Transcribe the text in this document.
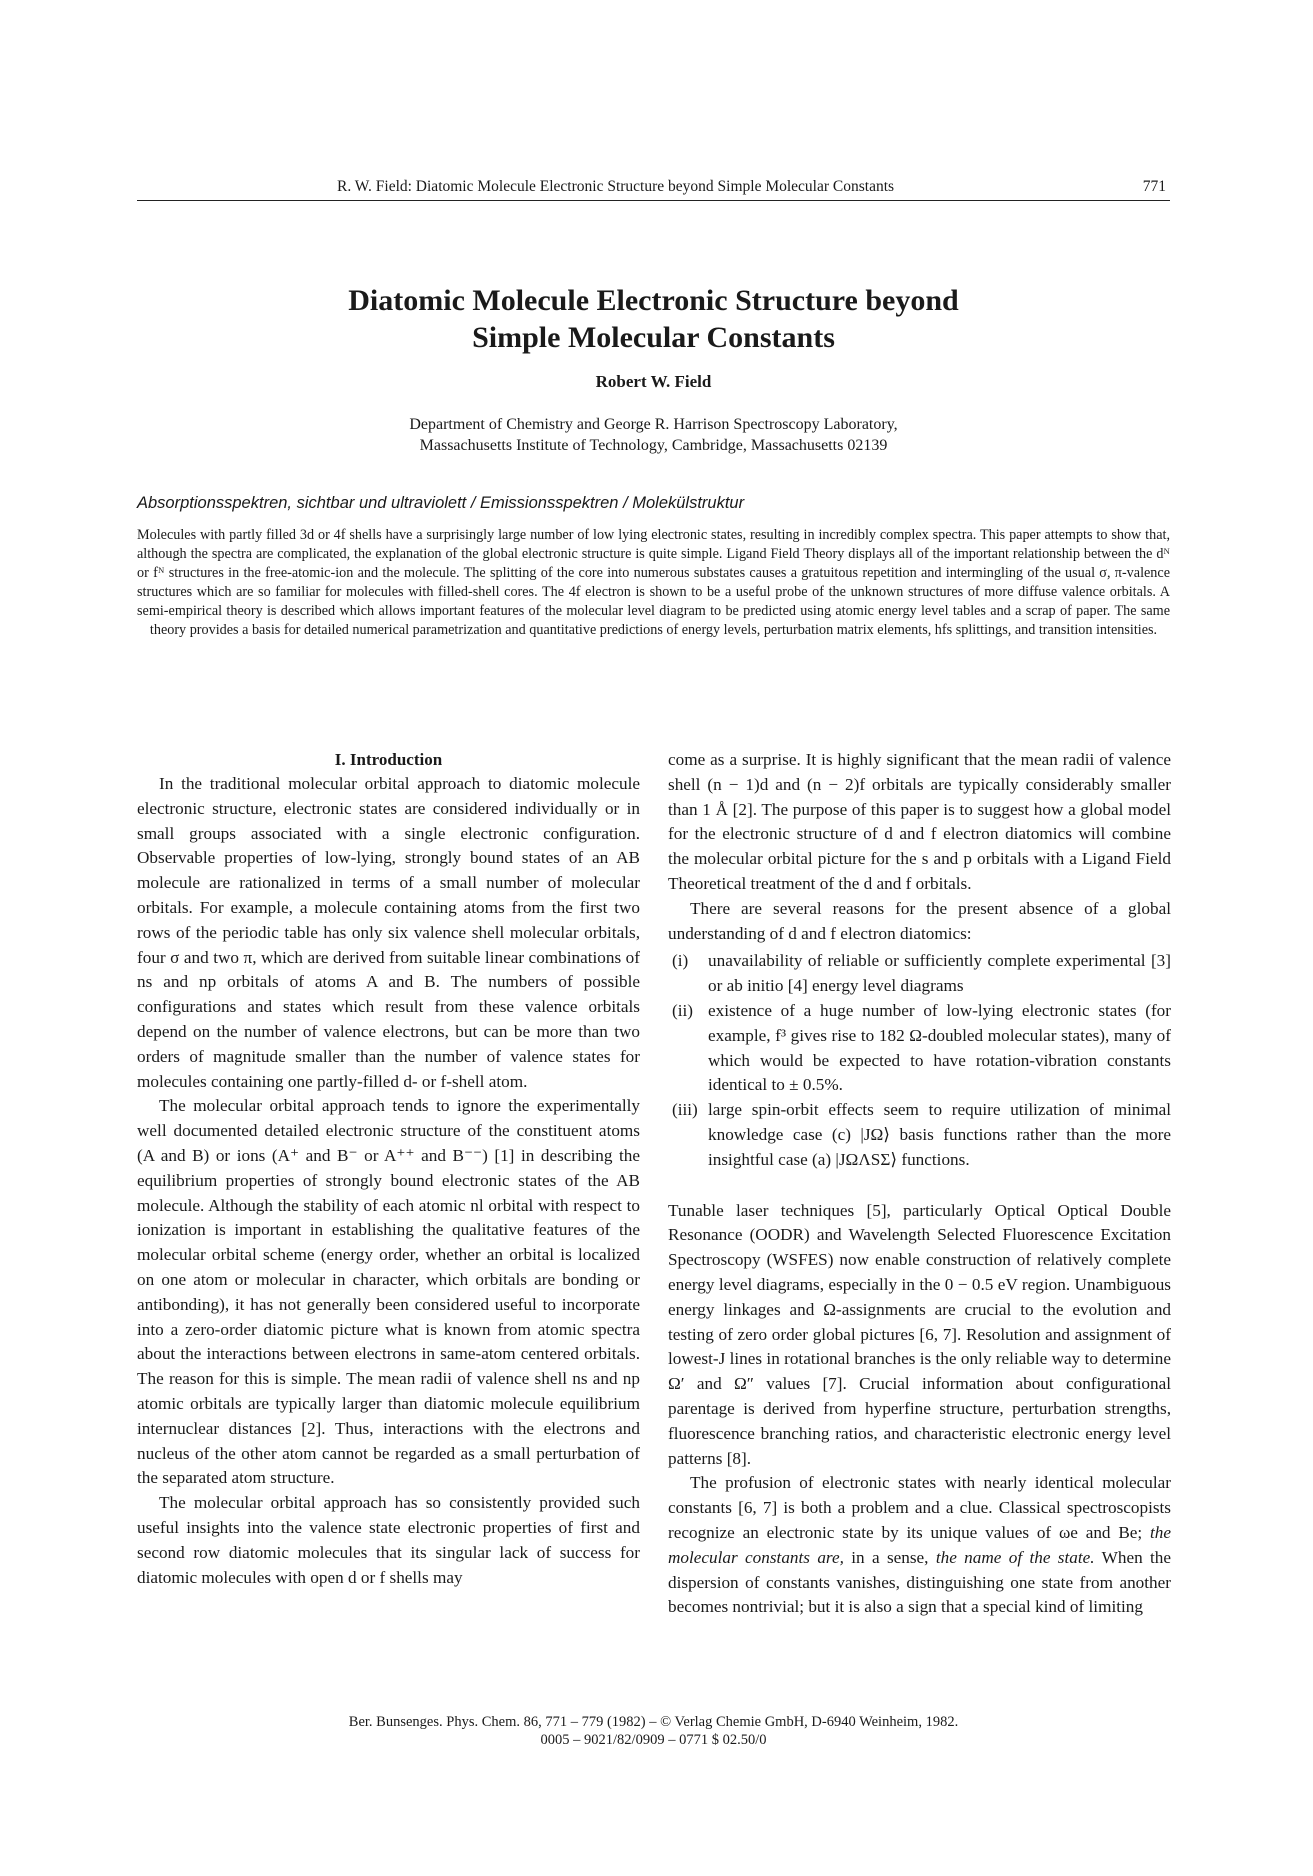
R. W. Field: Diatomic Molecule Electronic Structure beyond Simple Molecular Constants	771
Diatomic Molecule Electronic Structure beyond
Simple Molecular Constants
Robert W. Field
Department of Chemistry and George R. Harrison Spectroscopy Laboratory,
Massachusetts Institute of Technology, Cambridge, Massachusetts 02139
Absorptionsspektren, sichtbar und ultraviolett / Emissionsspektren / Molekülstruktur

Molecules with partly filled 3d or 4f shells have a surprisingly large number of low lying electronic states, resulting in incredibly complex spectra. This paper attempts to show that, although the spectra are complicated, the explanation of the global electronic structure is quite simple. Ligand Field Theory displays all of the important relationship between the dᴺ or fᴺ structures in the free-atomic-ion and the molecule. The splitting of the core into numerous substates causes a gratuitous repetition and intermingling of the usual σ, π-valence structures which are so familiar for molecules with filled-shell cores. The 4f electron is shown to be a useful probe of the unknown structures of more diffuse valence orbitals. A semi-empirical theory is described which allows important features of the molecular level diagram to be predicted using atomic energy level tables and a scrap of paper. The same theory provides a basis for detailed numerical parametrization and quantitative predictions of energy levels, perturbation matrix elements, hfs splittings, and transition intensities.

I. Introduction

In the traditional molecular orbital approach to diatomic molecule electronic structure, electronic states are considered individually or in small groups associated with a single electronic configuration. Observable properties of low-lying, strongly bound states of an AB molecule are rationalized in terms of a small number of molecular orbitals. For example, a molecule containing atoms from the first two rows of the periodic table has only six valence shell molecular orbitals, four σ and two π, which are derived from suitable linear combinations of ns and np orbitals of atoms A and B. The numbers of possible configurations and states which result from these valence orbitals depend on the number of valence electrons, but can be more than two orders of magnitude smaller than the number of valence states for molecules containing one partly-filled d- or f-shell atom.

The molecular orbital approach tends to ignore the experimentally well documented detailed electronic structure of the constituent atoms (A and B) or ions (A⁺ and B⁻ or A⁺⁺ and B⁻⁻) [1] in describing the equilibrium properties of strongly bound electronic states of the AB molecule. Although the stability of each atomic nl orbital with respect to ionization is important in establishing the qualitative features of the molecular orbital scheme (energy order, whether an orbital is localized on one atom or molecular in character, which orbitals are bonding or antibonding), it has not generally been considered useful to incorporate into a zero-order diatomic picture what is known from atomic spectra about the interactions between electrons in same-atom centered orbitals. The reason for this is simple. The mean radii of valence shell ns and np atomic orbitals are typically larger than diatomic molecule equilibrium internuclear distances [2]. Thus, interactions with the electrons and nucleus of the other atom cannot be regarded as a small perturbation of the separated atom structure.

The molecular orbital approach has so consistently provided such useful insights into the valence state electronic properties of first and second row diatomic molecules that its singular lack of success for diatomic molecules with open d or f shells may

come as a surprise. It is highly significant that the mean radii of valence shell (n − 1)d and (n − 2)f orbitals are typically considerably smaller than 1 Å [2]. The purpose of this paper is to suggest how a global model for the electronic structure of d and f electron diatomics will combine the molecular orbital picture for the s and p orbitals with a Ligand Field Theoretical treatment of the d and f orbitals.

There are several reasons for the present absence of a global understanding of d and f electron diatomics:

(i)	unavailability of reliable or sufficiently complete experimental [3] or ab initio [4] energy level diagrams
(ii) existence of a huge number of low-lying electronic states (for example, f³ gives rise to 182 Ω-doubled molecular states), many of which would be expected to have rotation-vibration constants identical to ± 0.5%.
(iii) large spin-orbit effects seem to require utilization of minimal knowledge case (c) |JΩ⟩ basis functions rather than the more insightful case (a) |JΩΛSΣ⟩ functions.

Tunable laser techniques [5], particularly Optical Optical Double Resonance (OODR) and Wavelength Selected Fluorescence Excitation Spectroscopy (WSFES) now enable construction of relatively complete energy level diagrams, especially in the 0 − 0.5 eV region. Unambiguous energy linkages and Ω-assignments are crucial to the evolution and testing of zero order global pictures [6, 7]. Resolution and assignment of lowest-J lines in rotational branches is the only reliable way to determine Ω′ and Ω″ values [7]. Crucial information about configurational parentage is derived from hyperfine structure, perturbation strengths, fluorescence branching ratios, and characteristic electronic energy level patterns [8].

The profusion of electronic states with nearly identical molecular constants [6, 7] is both a problem and a clue. Classical spectroscopists recognize an electronic state by its unique values of ωe and Be; the molecular constants are, in a sense, the name of the state. When the dispersion of constants vanishes, distinguishing one state from another becomes nontrivial; but it is also a sign that a special kind of limiting

Ber. Bunsenges. Phys. Chem. 86, 771 – 779 (1982) – © Verlag Chemie GmbH, D-6940 Weinheim, 1982.
0005 – 9021/82/0909 – 0771 $ 02.50/0
